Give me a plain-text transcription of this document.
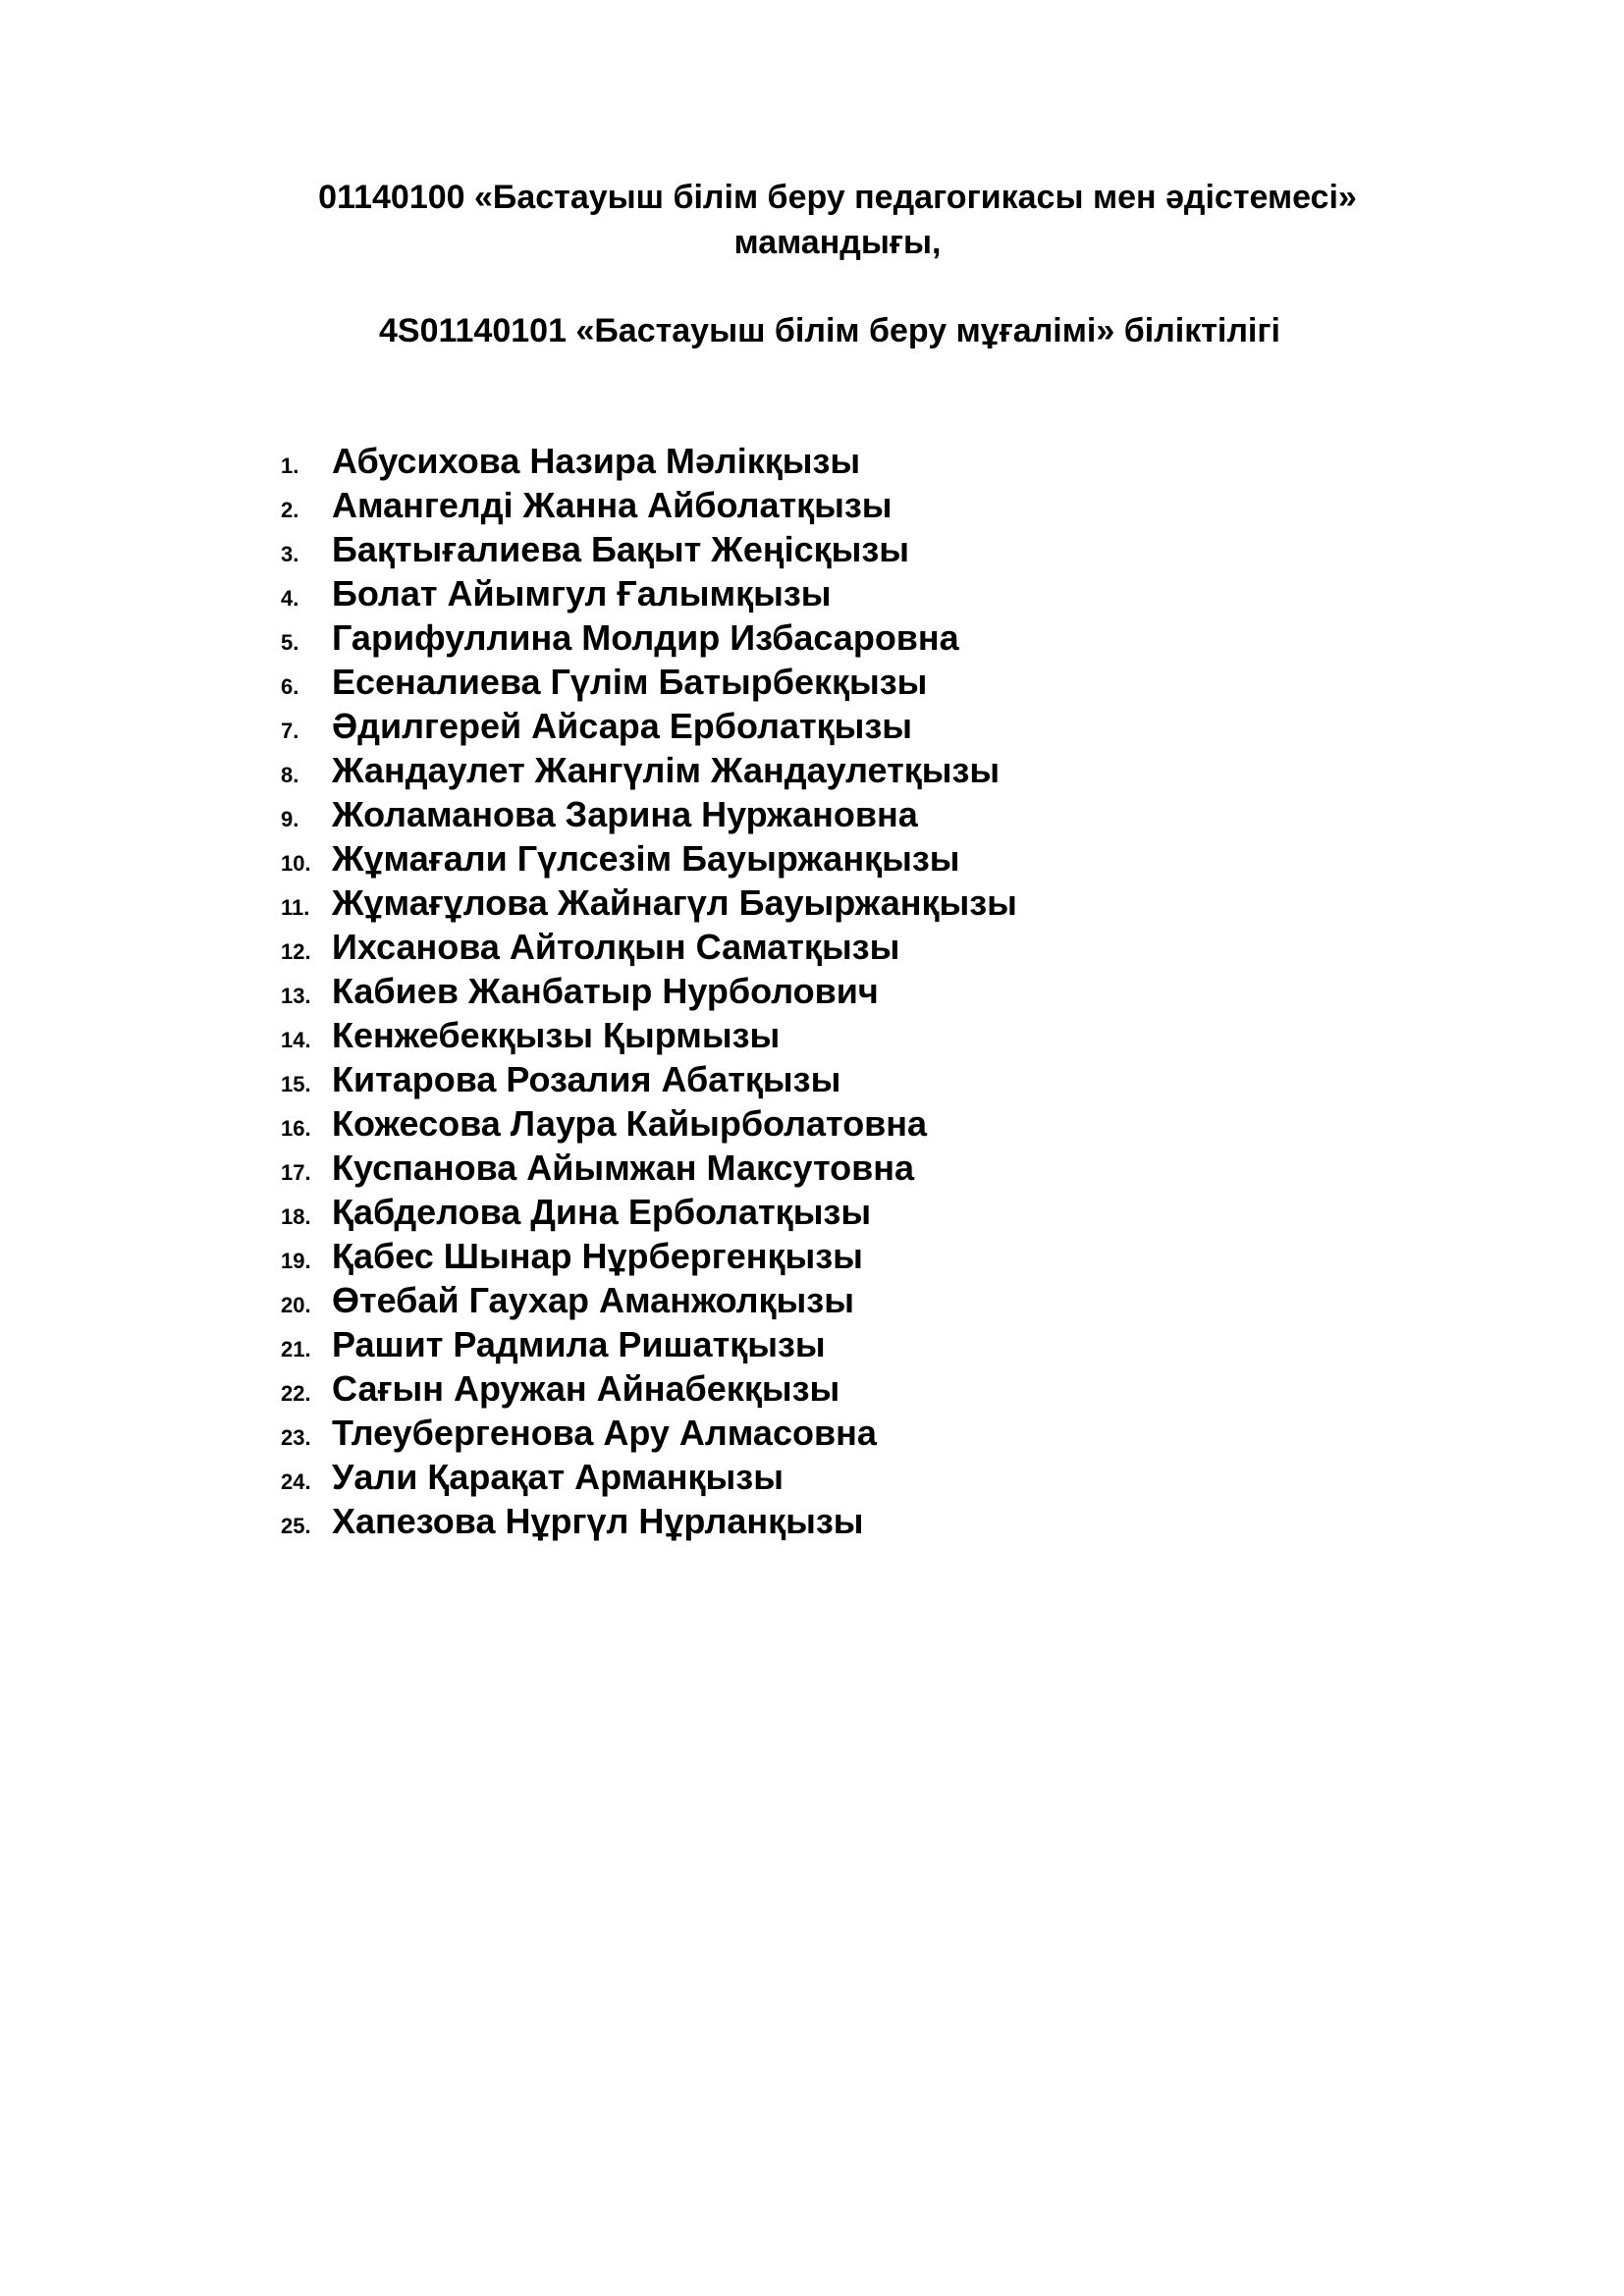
01140100 «Бастауыш білім беру педагогикасы мен әдістемесі»
мамандығы,
4S01140101 «Бастауыш білім беру мұғалімі» біліктілігі
1. Абусихова Назира Мәлікқызы
2. Амангелді Жанна Айболатқызы
3. Бақтығалиева Бақыт Жеңісқызы
4. Болат Айымгул Ғалымқызы
5. Гарифуллина Молдир Избасаровна
6. Есеналиева Гүлім Батырбекқызы
7. Әдилгерей Айсара Ерболатқызы
8. Жандаулет Жангүлім Жандаулетқызы
9. Жоламанова Зарина Нуржановна
10. Жұмағали Гүлсезім Бауыржанқызы
11. Жұмағұлова Жайнагүл Бауыржанқызы
12. Ихсанова Айтолқын Саматқызы
13. Кабиев Жанбатыр Нурболович
14. Кенжебекқызы Қырмызы
15. Китарова Розалия Абатқызы
16. Кожесова Лаура Кайырболатовна
17. Куспанова Айымжан Максутовна
18. Қабделова Дина Ерболатқызы
19. Қабес Шынар Нұрбергенқызы
20. Өтебай Гаухар Аманжолқызы
21. Рашит Радмила Ришатқызы
22. Сағын Аружан Айнабекқызы
23. Тлеубергенова Ару Алмасовна
24. Уали Қарақат Арманқызы
25. Хапезова Нұргүл Нұрланқызы
